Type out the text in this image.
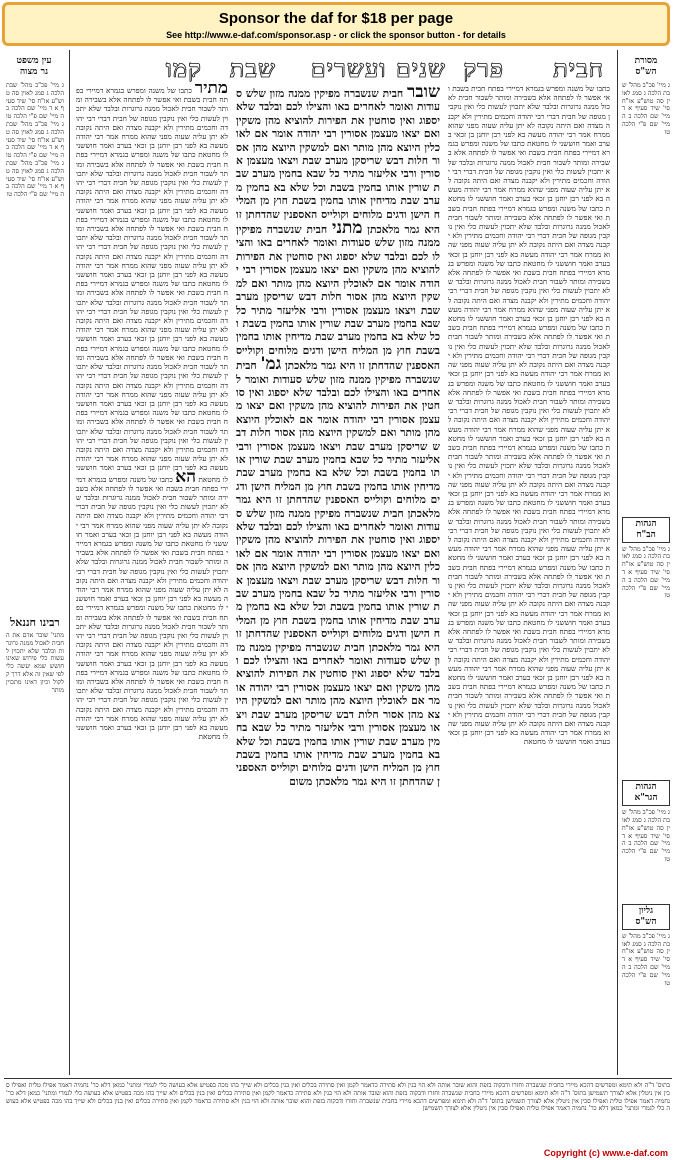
Sponsor the daf for $18 per page
See http://www.e-daf.com/sponsor.asp - or click the sponsor button - for details
מסורת
הש"ס
ג מיי' פכ"ב מהל' שבת הלכה ג סמג לאוין סה טוש"ע או"ח סי' שיד סעיף א ד מיי' שם הלכה ב ה מיי' שם פ"י הלכה טו
הגהות
הב"ח
ג מיי' פכ"ב מהל' שבת הלכה ג סמג לאוין סה טוש"ע או"ח סי' שיד סעיף א ד מיי' שם הלכה ב ה מיי' שם פ"י הלכה טו
הגהות
הגר"א
ג מיי' פכ"ב מהל' שבת הלכה ג סמג לאוין סה טוש"ע או"ח סי' שיד סעיף א ד מיי' שם הלכה ב ה מיי' שם פ"י הלכה טו
גליון
הש"ס
ג מיי' פכ"ב מהל' שבת הלכה ג סמג לאוין סה טוש"ע או"ח סי' שיד סעיף א ד מיי' שם הלכה ב ה מיי' שם פ"י הלכה טו
חבית
פרק
שנים ועשרים
שבת
קמו
כתבו של משנה ומפרש בגמרא דמיירי בפתח חבית בשבת ואי אפשר לו לפתחה אלא בשבירה ומותר לשבור חבית לאכול ממנה גרוגרות ובלבד שלא יתכוין לעשות כלי ואין נוקבין מגופה של חבית דברי רבי יהודה וחכמים מתירין ולא יקבנה מצדה ואם היתה נקובה לא יתן עליה שעוה מפני שהוא ממרח אמר רבי יהודה מעשה בא לפני רבן יוחנן בן זכאי בערב ואמר חוששני לו מחטאת כתבו של משנה ומפרש בגמרא דמיירי בפתח חבית בשבת ואי אפשר לו לפתחה אלא בשבירה ומותר לשבור חבית לאכול ממנה גרוגרות ובלבד שלא יתכוין לעשות כלי ואין נוקבין מגופה של חבית דברי רבי יהודה וחכמים מתירין ולא יקבנה מצדה ואם היתה נקובה לא יתן עליה שעוה מפני שהוא ממרח אמר רבי יהודה מעשה בא לפני רבן יוחנן בן זכאי בערב ואמר חוששני לו מחטאת כתבו של משנה ומפרש בגמרא דמיירי בפתח חבית בשבת ואי אפשר לו לפתחה אלא בשבירה ומותר לשבור חבית לאכול ממנה גרוגרות ובלבד שלא יתכוין לעשות כלי ואין נוקבין מגופה של חבית דברי רבי יהודה וחכמים מתירין ולא יקבנה מצדה ואם היתה נקובה לא יתן עליה שעוה מפני שהוא ממרח אמר רבי יהודה מעשה בא לפני רבן יוחנן בן זכאי בערב ואמר חוששני לו מחטאת כתבו של משנה ומפרש בגמרא דמיירי בפתח חבית בשבת ואי אפשר לו לפתחה אלא בשבירה ומותר לשבור חבית לאכול ממנה גרוגרות ובלבד שלא יתכוין לעשות כלי ואין נוקבין מגופה של חבית דברי רבי יהודה וחכמים מתירין ולא יקבנה מצדה ואם היתה נקובה לא יתן עליה שעוה מפני שהוא ממרח אמר רבי יהודה מעשה בא לפני רבן יוחנן בן זכאי בערב ואמר חוששני לו מחטאת כתבו של משנה ומפרש בגמרא דמיירי בפתח חבית בשבת ואי אפשר לו לפתחה אלא בשבירה ומותר לשבור חבית לאכול ממנה גרוגרות ובלבד שלא יתכוין לעשות כלי ואין נוקבין מגופה של חבית דברי רבי יהודה וחכמים מתירין ולא יקבנה מצדה ואם היתה נקובה לא יתן עליה שעוה מפני שהוא ממרח אמר רבי יהודה מעשה בא לפני רבן יוחנן בן זכאי בערב ואמר חוששני לו מחטאת כתבו של משנה ומפרש בגמרא דמיירי בפתח חבית בשבת ואי אפשר לו לפתחה אלא בשבירה ומותר לשבור חבית לאכול ממנה גרוגרות ובלבד שלא יתכוין לעשות כלי ואין נוקבין מגופה של חבית דברי רבי יהודה וחכמים מתירין ולא יקבנה מצדה ואם היתה נקובה לא יתן עליה שעוה מפני שהוא ממרח אמר רבי יהודה מעשה בא לפני רבן יוחנן בן זכאי בערב ואמר חוששני לו מחטאת כתבו של משנה ומפרש בגמרא דמיירי בפתח חבית בשבת ואי אפשר לו לפתחה אלא בשבירה ומותר לשבור חבית לאכול ממנה גרוגרות ובלבד שלא יתכוין לעשות כלי ואין נוקבין מגופה של חבית דברי רבי יהודה וחכמים מתירין ולא יקבנה מצדה ואם היתה נקובה לא יתן עליה שעוה מפני שהוא ממרח אמר רבי יהודה מעשה בא לפני רבן יוחנן בן זכאי בערב ואמר חוששני לו מחטאת כתבו של משנה ומפרש בגמרא דמיירי בפתח חבית בשבת ואי אפשר לו לפתחה אלא בשבירה ומותר לשבור חבית לאכול ממנה גרוגרות ובלבד שלא יתכוין לעשות כלי ואין נוקבין מגופה של חבית דברי רבי יהודה וחכמים מתירין ולא יקבנה מצדה ואם היתה נקובה לא יתן עליה שעוה מפני שהוא ממרח אמר רבי יהודה מעשה בא לפני רבן יוחנן בן זכאי בערב ואמר חוששני לו מחטאת כתבו של משנה ומפרש בגמרא דמיירי בפתח חבית בשבת ואי אפשר לו לפתחה אלא בשבירה ומותר לשבור חבית לאכול ממנה גרוגרות ובלבד שלא יתכוין לעשות כלי ואין נוקבין מגופה של חבית דברי רבי יהודה וחכמים מתירין ולא יקבנה מצדה ואם היתה נקובה לא יתן עליה שעוה מפני שהוא ממרח אמר רבי יהודה מעשה בא לפני רבן יוחנן בן זכאי בערב ואמר חוששני לו מחטאת כתבו של משנה ומפרש בגמרא דמיירי בפתח חבית בשבת ואי אפשר לו לפתחה אלא בשבירה ומותר לשבור חבית לאכול ממנה גרוגרות ובלבד שלא יתכוין לעשות כלי ואין נוקבין מגופה של חבית דברי רבי יהודה וחכמים מתירין ולא יקבנה מצדה ואם היתה נקובה לא יתן עליה שעוה מפני שהוא ממרח אמר רבי יהודה מעשה בא לפני רבן יוחנן בן זכאי בערב ואמר חוששני לו מחטאת כתבו של משנה ומפרש בגמרא דמיירי בפתח חבית בשבת ואי אפשר לו לפתחה אלא בשבירה ומותר לשבור חבית לאכול ממנה גרוגרות ובלבד שלא יתכוין לעשות כלי ואין נוקבין מגופה של חבית דברי רבי יהודה וחכמים מתירין ולא יקבנה מצדה ואם היתה נקובה לא יתן עליה שעוה מפני שהוא ממרח אמר רבי יהודה מעשה בא לפני רבן יוחנן בן זכאי בערב ואמר חוששני לו מחטאת
שובר חבית שנשברה מפיקין ממנה מזון שלש סעודות ואומר לאחרים באו והצילו לכם ובלבד שלא יספוג ואין סוחטין את הפירות להוציא מהן משקין ואם יצאו מעצמן אסורין רבי יהודה אומר אם לאוכלין היוצא מהן מותר ואם למשקין היוצא מהן אסור חלות דבש שריסקן מערב שבת ויצאו מעצמן אסורין ורבי אליעזר מתיר כל שבא בחמין מערב שבת שורין אותו בחמין בשבת וכל שלא בא בחמין מערב שבת מדיחין אותו בחמין בשבת חוץ מן המליח הישן ודגים מלוחים וקולייס האספנין שהדחתן זו היא גמר מלאכתן מתני חבית שנשברה מפיקין ממנה מזון שלש סעודות ואומר לאחרים באו והצילו לכם ובלבד שלא יספוג ואין סוחטין את הפירות להוציא מהן משקין ואם יצאו מעצמן אסורין רבי יהודה אומר אם לאוכלין היוצא מהן מותר ואם למשקין היוצא מהן אסור חלות דבש שריסקן מערב שבת ויצאו מעצמן אסורין ורבי אליעזר מתיר כל שבא בחמין מערב שבת שורין אותו בחמין בשבת וכל שלא בא בחמין מערב שבת מדיחין אותו בחמין בשבת חוץ מן המליח הישן ודגים מלוחים וקולייס האספנין שהדחתן זו היא גמר מלאכתן גמ' חבית שנשברה מפיקין ממנה מזון שלש סעודות ואומר לאחרים באו והצילו לכם ובלבד שלא יספוג ואין סוחטין את הפירות להוציא מהן משקין ואם יצאו מעצמן אסורין רבי יהודה אומר אם לאוכלין היוצא מהן מותר ואם למשקין היוצא מהן אסור חלות דבש שריסקן מערב שבת ויצאו מעצמן אסורין ורבי אליעזר מתיר כל שבא בחמין מערב שבת שורין אותו בחמין בשבת וכל שלא בא בחמין מערב שבת מדיחין אותו בחמין בשבת חוץ מן המליח הישן ודגים מלוחים וקולייס האספנין שהדחתן זו היא גמר מלאכתן חבית שנשברה מפיקין ממנה מזון שלש סעודות ואומר לאחרים באו והצילו לכם ובלבד שלא יספוג ואין סוחטין את הפירות להוציא מהן משקין ואם יצאו מעצמן אסורין רבי יהודה אומר אם לאוכלין היוצא מהן מותר ואם למשקין היוצא מהן אסור חלות דבש שריסקן מערב שבת ויצאו מעצמן אסורין ורבי אליעזר מתיר כל שבא בחמין מערב שבת שורין אותו בחמין בשבת וכל שלא בא בחמין מערב שבת מדיחין אותו בחמין בשבת חוץ מן המליח הישן ודגים מלוחים וקולייס האספנין שהדחתן זו היא גמר מלאכתן חבית שנשברה מפיקין ממנה מזון שלש סעודות ואומר לאחרים באו והצילו לכם ובלבד שלא יספוג ואין סוחטין את הפירות להוציא מהן משקין ואם יצאו מעצמן אסורין רבי יהודה אומר אם לאוכלין היוצא מהן מותר ואם למשקין היוצא מהן אסור חלות דבש שריסקן מערב שבת ויצאו מעצמן אסורין ורבי אליעזר מתיר כל שבא בחמין מערב שבת שורין אותו בחמין בשבת וכל שלא בא בחמין מערב שבת מדיחין אותו בחמין בשבת חוץ מן המליח הישן ודגים מלוחים וקולייס האספנין שהדחתן זו היא גמר מלאכתן משום
מתיר כתבו של משנה ומפרש בגמרא דמיירי בפתח חבית בשבת ואי אפשר לו לפתחה אלא בשבירה ומותר לשבור חבית לאכול ממנה גרוגרות ובלבד שלא יתכוין לעשות כלי ואין נוקבין מגופה של חבית דברי רבי יהודה וחכמים מתירין ולא יקבנה מצדה ואם היתה נקובה לא יתן עליה שעוה מפני שהוא ממרח אמר רבי יהודה מעשה בא לפני רבן יוחנן בן זכאי בערב ואמר חוששני לו מחטאת כתבו של משנה ומפרש בגמרא דמיירי בפתח חבית בשבת ואי אפשר לו לפתחה אלא בשבירה ומותר לשבור חבית לאכול ממנה גרוגרות ובלבד שלא יתכוין לעשות כלי ואין נוקבין מגופה של חבית דברי רבי יהודה וחכמים מתירין ולא יקבנה מצדה ואם היתה נקובה לא יתן עליה שעוה מפני שהוא ממרח אמר רבי יהודה מעשה בא לפני רבן יוחנן בן זכאי בערב ואמר חוששני לו מחטאת כתבו של משנה ומפרש בגמרא דמיירי בפתח חבית בשבת ואי אפשר לו לפתחה אלא בשבירה ומותר לשבור חבית לאכול ממנה גרוגרות ובלבד שלא יתכוין לעשות כלי ואין נוקבין מגופה של חבית דברי רבי יהודה וחכמים מתירין ולא יקבנה מצדה ואם היתה נקובה לא יתן עליה שעוה מפני שהוא ממרח אמר רבי יהודה מעשה בא לפני רבן יוחנן בן זכאי בערב ואמר חוששני לו מחטאת כתבו של משנה ומפרש בגמרא דמיירי בפתח חבית בשבת ואי אפשר לו לפתחה אלא בשבירה ומותר לשבור חבית לאכול ממנה גרוגרות ובלבד שלא יתכוין לעשות כלי ואין נוקבין מגופה של חבית דברי רבי יהודה וחכמים מתירין ולא יקבנה מצדה ואם היתה נקובה לא יתן עליה שעוה מפני שהוא ממרח אמר רבי יהודה מעשה בא לפני רבן יוחנן בן זכאי בערב ואמר חוששני לו מחטאת כתבו של משנה ומפרש בגמרא דמיירי בפתח חבית בשבת ואי אפשר לו לפתחה אלא בשבירה ומותר לשבור חבית לאכול ממנה גרוגרות ובלבד שלא יתכוין לעשות כלי ואין נוקבין מגופה של חבית דברי רבי יהודה וחכמים מתירין ולא יקבנה מצדה ואם היתה נקובה לא יתן עליה שעוה מפני שהוא ממרח אמר רבי יהודה מעשה בא לפני רבן יוחנן בן זכאי בערב ואמר חוששני לו מחטאת כתבו של משנה ומפרש בגמרא דמיירי בפתח חבית בשבת ואי אפשר לו לפתחה אלא בשבירה ומותר לשבור חבית לאכול ממנה גרוגרות ובלבד שלא יתכוין לעשות כלי ואין נוקבין מגופה של חבית דברי רבי יהודה וחכמים מתירין ולא יקבנה מצדה ואם היתה נקובה לא יתן עליה שעוה מפני שהוא ממרח אמר רבי יהודה מעשה בא לפני רבן יוחנן בן זכאי בערב ואמר חוששני לו מחטאת הא כתבו של משנה ומפרש בגמרא דמיירי בפתח חבית בשבת ואי אפשר לו לפתחה אלא בשבירה ומותר לשבור חבית לאכול ממנה גרוגרות ובלבד שלא יתכוין לעשות כלי ואין נוקבין מגופה של חבית דברי רבי יהודה וחכמים מתירין ולא יקבנה מצדה ואם היתה נקובה לא יתן עליה שעוה מפני שהוא ממרח אמר רבי יהודה מעשה בא לפני רבן יוחנן בן זכאי בערב ואמר חוששני לו מחטאת כתבו של משנה ומפרש בגמרא דמיירי בפתח חבית בשבת ואי אפשר לו לפתחה אלא בשבירה ומותר לשבור חבית לאכול ממנה גרוגרות ובלבד שלא יתכוין לעשות כלי ואין נוקבין מגופה של חבית דברי רבי יהודה וחכמים מתירין ולא יקבנה מצדה ואם היתה נקובה לא יתן עליה שעוה מפני שהוא ממרח אמר רבי יהודה מעשה בא לפני רבן יוחנן בן זכאי בערב ואמר חוששני לו מחטאת כתבו של משנה ומפרש בגמרא דמיירי בפתח חבית בשבת ואי אפשר לו לפתחה אלא בשבירה ומותר לשבור חבית לאכול ממנה גרוגרות ובלבד שלא יתכוין לעשות כלי ואין נוקבין מגופה של חבית דברי רבי יהודה וחכמים מתירין ולא יקבנה מצדה ואם היתה נקובה לא יתן עליה שעוה מפני שהוא ממרח אמר רבי יהודה מעשה בא לפני רבן יוחנן בן זכאי בערב ואמר חוששני לו מחטאת כתבו של משנה ומפרש בגמרא דמיירי בפתח חבית בשבת ואי אפשר לו לפתחה אלא בשבירה ומותר לשבור חבית לאכול ממנה גרוגרות ובלבד שלא יתכוין לעשות כלי ואין נוקבין מגופה של חבית דברי רבי יהודה וחכמים מתירין ולא יקבנה מצדה ואם היתה נקובה לא יתן עליה שעוה מפני שהוא ממרח אמר רבי יהודה מעשה בא לפני רבן יוחנן בן זכאי בערב ואמר חוששני לו מחטאת
עין משפט
נר מצוה
ג מיי' פכ"ב מהל' שבת הלכה ג סמג לאוין סה טוש"ע או"ח סי' שיד סעיף א ד מיי' שם הלכה ב ה מיי' שם פ"י הלכה טו ג מיי' פכ"ב מהל' שבת הלכה ג סמג לאוין סה טוש"ע או"ח סי' שיד סעיף א ד מיי' שם הלכה ב ה מיי' שם פ"י הלכה טו ג מיי' פכ"ב מהל' שבת הלכה ג סמג לאוין סה טוש"ע או"ח סי' שיד סעיף א ד מיי' שם הלכה ב ה מיי' שם פ"י הלכה טו
רבינו חננאל
מתני' שובר אדם את החבית לאכול ממנה גרוגרות ובלבד שלא יתכוין לעשות כלי פירוש שאינו חושש שמא יעשה כלי לפי שאין זה אלא דרך קלקול וכיון דאינו מתכוין מותר
בתוס' ד"ה ולא תימא ומפרשים דהכא מיירי בחבית שנשברה וחזרו ודבקוה בזפת והוא שובר אותה ולא הוי בנין ולא סתירה כדאמר לקמן ואין סתירה בכלים ואין בנין בכלים ולא שייך בהו מכה בפטיש אלא בעושה כלי לגמרי ומתני' כמאן דלא כר' נחמיה דאמר אפילו טלית ואפילו סכין אין ניטלין אלא לצורך תשמישן בתוס' ד"ה ולא תימא ומפרשים דהכא מיירי בחבית שנשברה וחזרו ודבקוה בזפת והוא שובר אותה ולא הוי בנין ולא סתירה כדאמר לקמן ואין סתירה בכלים ואין בנין בכלים ולא שייך בהו מכה בפטיש אלא בעושה כלי לגמרי ומתני' כמאן דלא כר' נחמיה דאמר אפילו טלית ואפילו סכין אין ניטלין אלא לצורך תשמישן בתוס' ד"ה ולא תימא ומפרשים דהכא מיירי בחבית שנשברה וחזרו ודבקוה בזפת והוא שובר אותה ולא הוי בנין ולא סתירה כדאמר לקמן ואין סתירה בכלים ואין בנין בכלים ולא שייך בהו מכה בפטיש אלא בעושה כלי לגמרי ומתני' כמאן דלא כר' נחמיה דאמר אפילו טלית ואפילו סכין אין ניטלין אלא לצורך תשמישן
Copyright (c) www.e-daf.com
